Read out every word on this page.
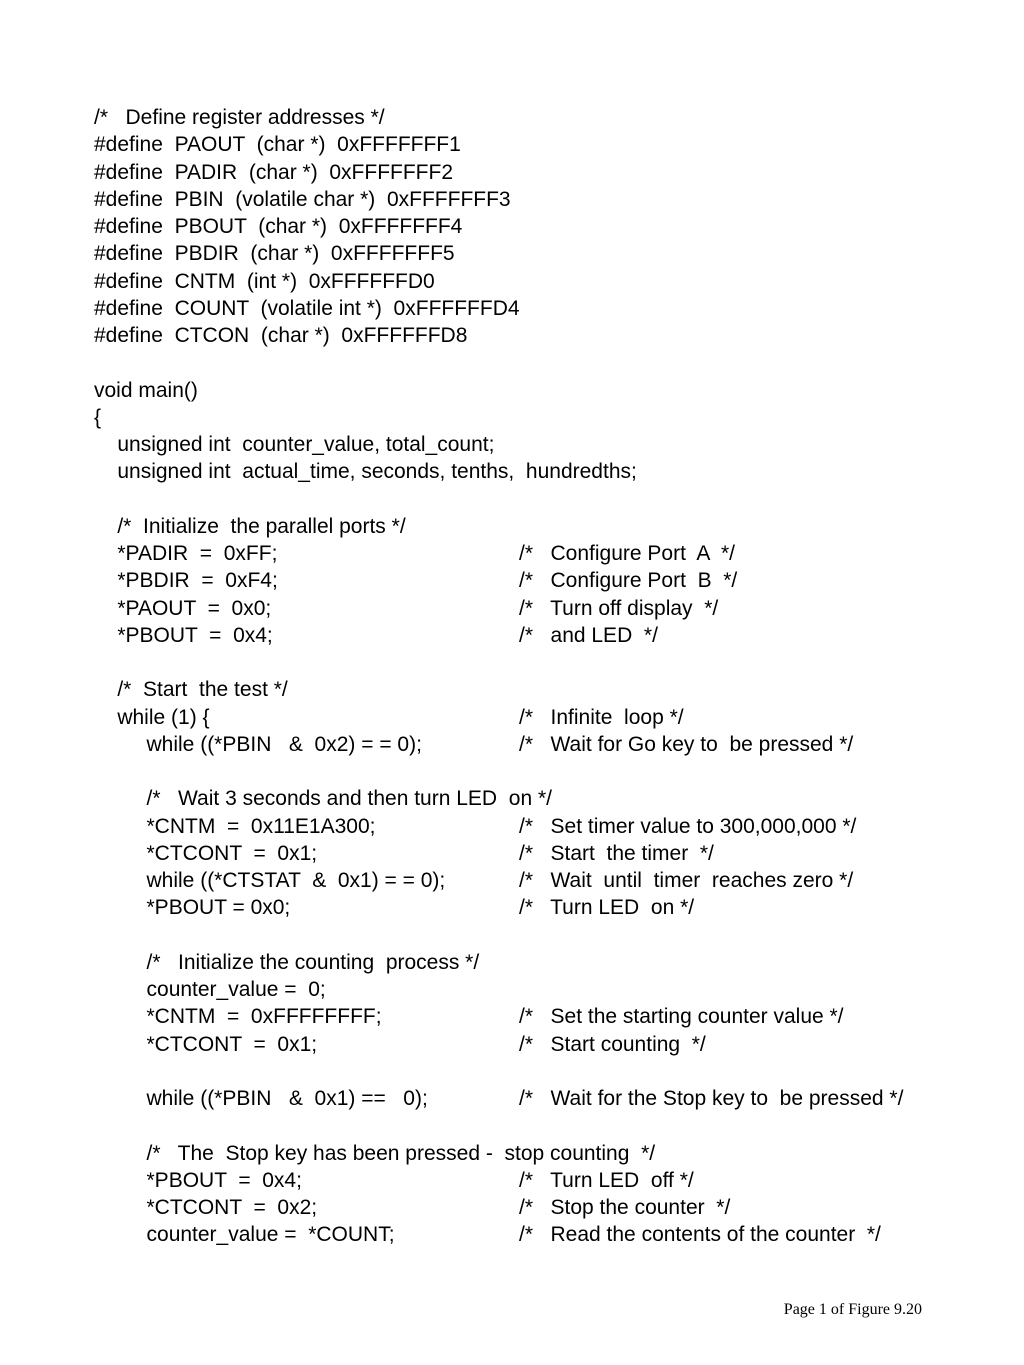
/*   Define register addresses */
#define  PAOUT  (char *)  0xFFFFFFF1
#define  PADIR  (char *)  0xFFFFFFF2
#define  PBIN  (volatile char *)  0xFFFFFFF3
#define  PBOUT  (char *)  0xFFFFFFF4
#define  PBDIR  (char *)  0xFFFFFFF5
#define  CNTM  (int *)  0xFFFFFFD0
#define  COUNT  (volatile int *)  0xFFFFFFD4
#define  CTCON  (char *)  0xFFFFFFD8
void main()
{
unsigned int  counter_value, total_count;
unsigned int  actual_time, seconds, tenths,  hundredths;
/*  Initialize  the parallel ports */
*PADIR  =  0xFF;	/*   Configure Port  A  */
*PBDIR  =  0xF4;	/*   Configure Port  B  */
*PAOUT  =  0x0;	/*   Turn off display  */
*PBOUT  =  0x4;	/*   and LED  */
/*  Start  the test */
while (1) {	/*   Infinite  loop */
while ((*PBIN   &  0x2) = = 0);	/*   Wait for Go key to  be pressed */
/*   Wait 3 seconds and then turn LED  on */
*CNTM  =  0x11E1A300;	/*   Set timer value to 300,000,000 */
*CTCONT  =  0x1;	/*   Start  the timer  */
while ((*CTSTAT  &  0x1) = = 0);	/*   Wait  until  timer  reaches zero */
*PBOUT = 0x0;	/*   Turn LED  on */
/*   Initialize the counting  process */
counter_value =  0;
*CNTM  =  0xFFFFFFFF;	/*   Set the starting counter value */
*CTCONT  =  0x1;	/*   Start counting  */
while ((*PBIN   &  0x1) ==   0);	/*   Wait for the Stop key to  be pressed */
/*   The  Stop key has been pressed -  stop counting  */
*PBOUT  =  0x4;	/*   Turn LED  off */
*CTCONT  =  0x2;	/*   Stop the counter  */
counter_value =  *COUNT;	/*   Read the contents of the counter  */
Page 1 of Figure 9.20
